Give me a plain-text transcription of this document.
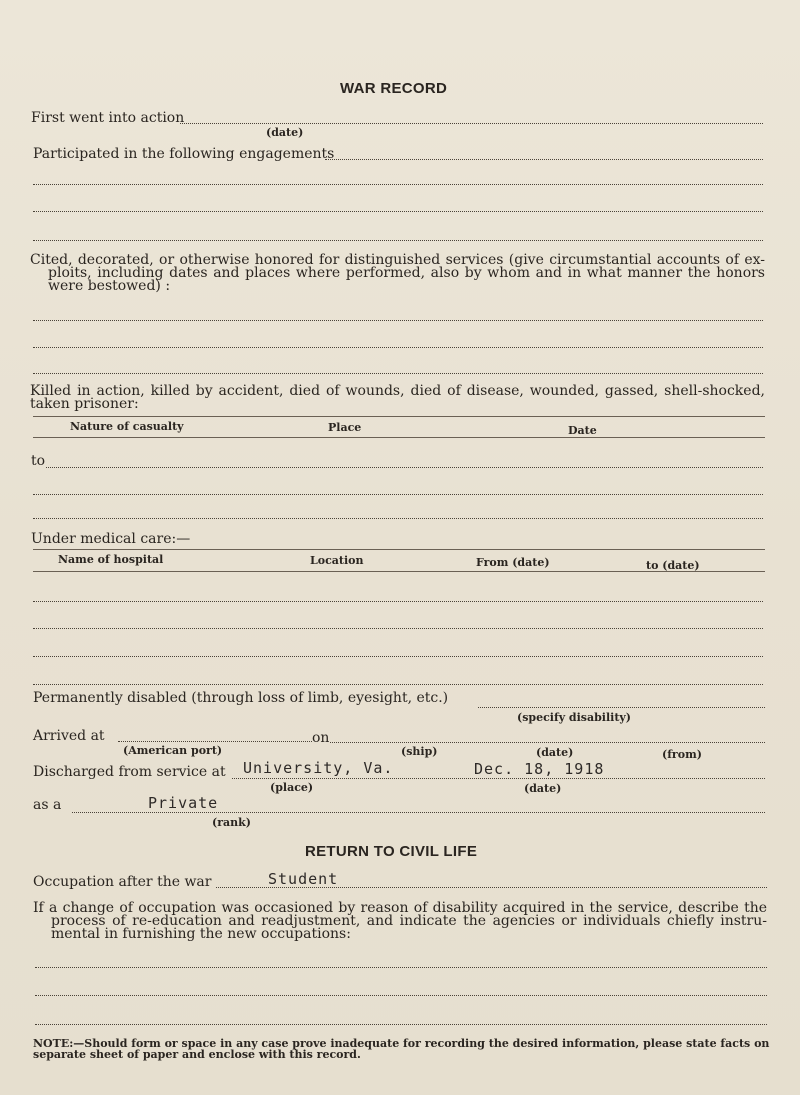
WAR RECORD
First went into action
(date)
Participated in the following engagements
Cited, decorated, or otherwise honored for distinguished services (give circumstantial accounts of ex-
ploits, including dates and places where performed, also by whom and in what manner the honors
were bestowed) :
Killed in action, killed by accident, died of wounds, died of disease, wounded, gassed, shell-shocked,
taken prisoner:
Nature of casualty	Place	Date
to
Under medical care:—
Name of hospital	Location	From (date)	to (date)
Permanently disabled (through loss of limb, eyesight, etc.)
(specify disability)
Arrived at	on
(American port)	(ship)	(date)	(from)
Discharged from service at University, Va.	Dec. 18, 1918
(place)	(date)
as a	Private
(rank)
RETURN TO CIVIL LIFE
Occupation after the war	Student
If a change of occupation was occasioned by reason of disability acquired in the service, describe the
process of re-education and readjustment, and indicate the agencies or individuals chiefly instru-
mental in furnishing the new occupations:
NOTE:—Should form or space in any case prove inadequate for recording the desired information, please state facts on
separate sheet of paper and enclose with this record.
